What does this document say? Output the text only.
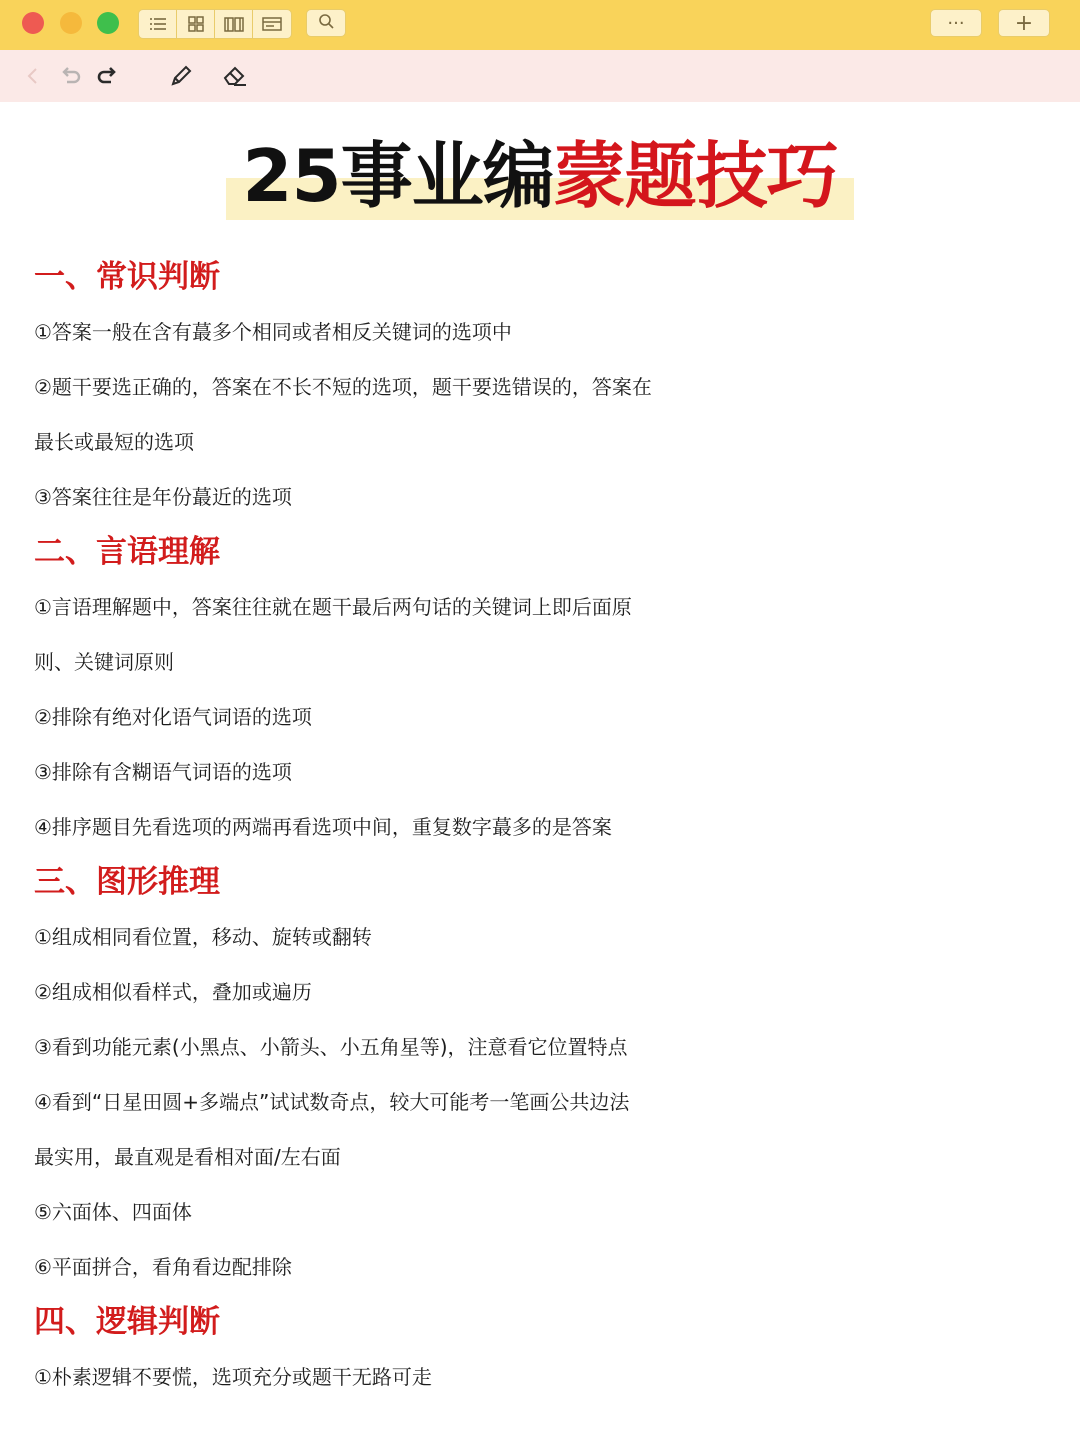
···	+
25事业编蒙题技巧
一、常识判断
①答案一般在含有蕞多个相同或者相反关键词的选项中
②题干要选正确的，答案在不长不短的选项，题干要选错误的，答案在
最长或最短的选项
③答案往往是年份蕞近的选项
二、言语理解
①言语理解题中，答案往往就在题干最后两句话的关键词上即后面原
则、关键词原则
②排除有绝对化语气词语的选项
③排除有含糊语气词语的选项
④排序题目先看选项的两端再看选项中间，重复数字蕞多的是答案
三、图形推理
①组成相同看位置，移动、旋转或翻转
②组成相似看样式，叠加或遍历
③看到功能元素(小黑点、小箭头、小五角星等)，注意看它位置特点
④看到“日星田圆+多端点”试试数奇点，较大可能考一笔画公共边法
最实用，最直观是看相对面/左右面
⑤六面体、四面体
⑥平面拼合，看角看边配排除
四、逻辑判断
①朴素逻辑不要慌，选项充分或题干无路可走
